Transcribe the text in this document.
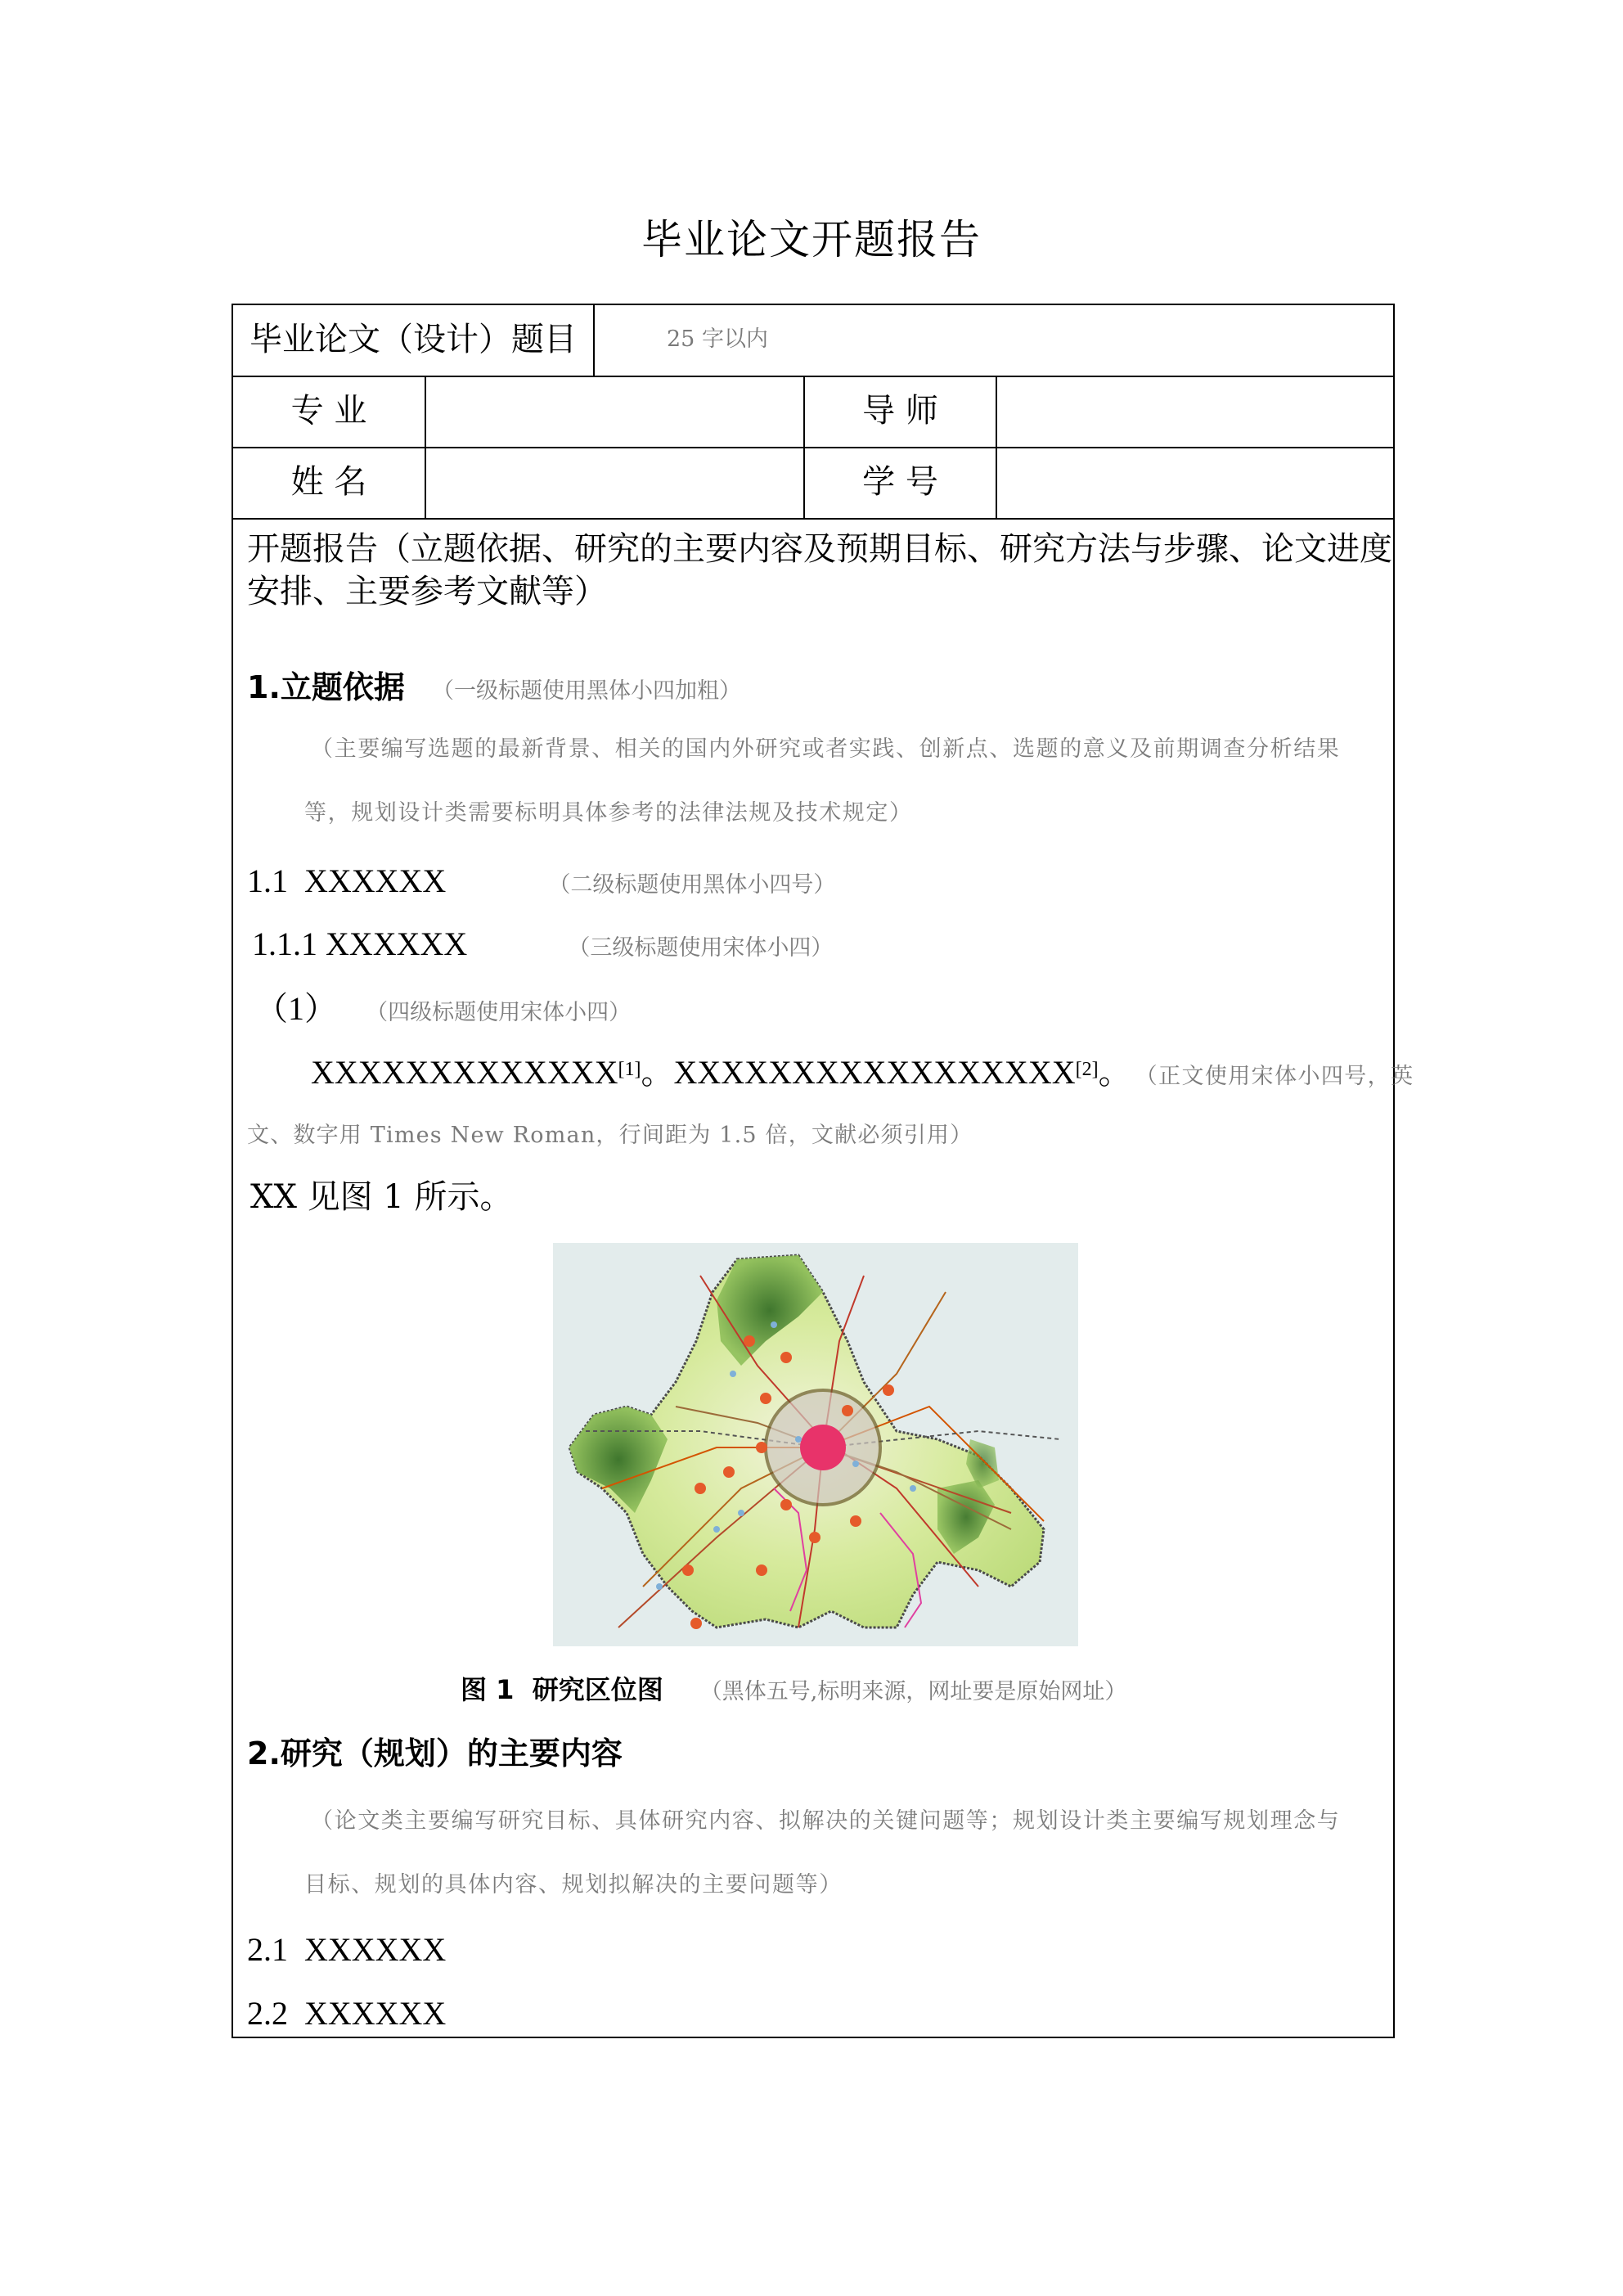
毕业论文开题报告
毕业论文（设计）题目	25 字以内
专 业	导 师
姓 名	学 号
开题报告（立题依据、研究的主要内容及预期目标、研究方法与步骤、论文进度
安排、主要参考文献等）
1.立题依据 （一级标题使用黑体小四加粗）
（主要编写选题的最新背景、相关的国内外研究或者实践、创新点、选题的意义及前期调查分析结果
等，规划设计类需要标明具体参考的法律法规及技术规定）
1.1  XXXXXX	（二级标题使用黑体小四号）
1.1.1 XXXXXX	（三级标题使用宋体小四）
（1） （四级标题使用宋体小四）
XXXXXXXXXXXXX[1]。XXXXXXXXXXXXXXXXX[2]。 （正文使用宋体小四号，英
文、数字用 Times New Roman，行间距为 1.5 倍，文献必须引用）
XX 见图 1 所示。
图 1  研究区位图 （黑体五号,标明来源，网址要是原始网址）
2.研究（规划）的主要内容
（论文类主要编写研究目标、具体研究内容、拟解决的关键问题等；规划设计类主要编写规划理念与
目标、规划的具体内容、规划拟解决的主要问题等）
2.1  XXXXXX
2.2  XXXXXX
